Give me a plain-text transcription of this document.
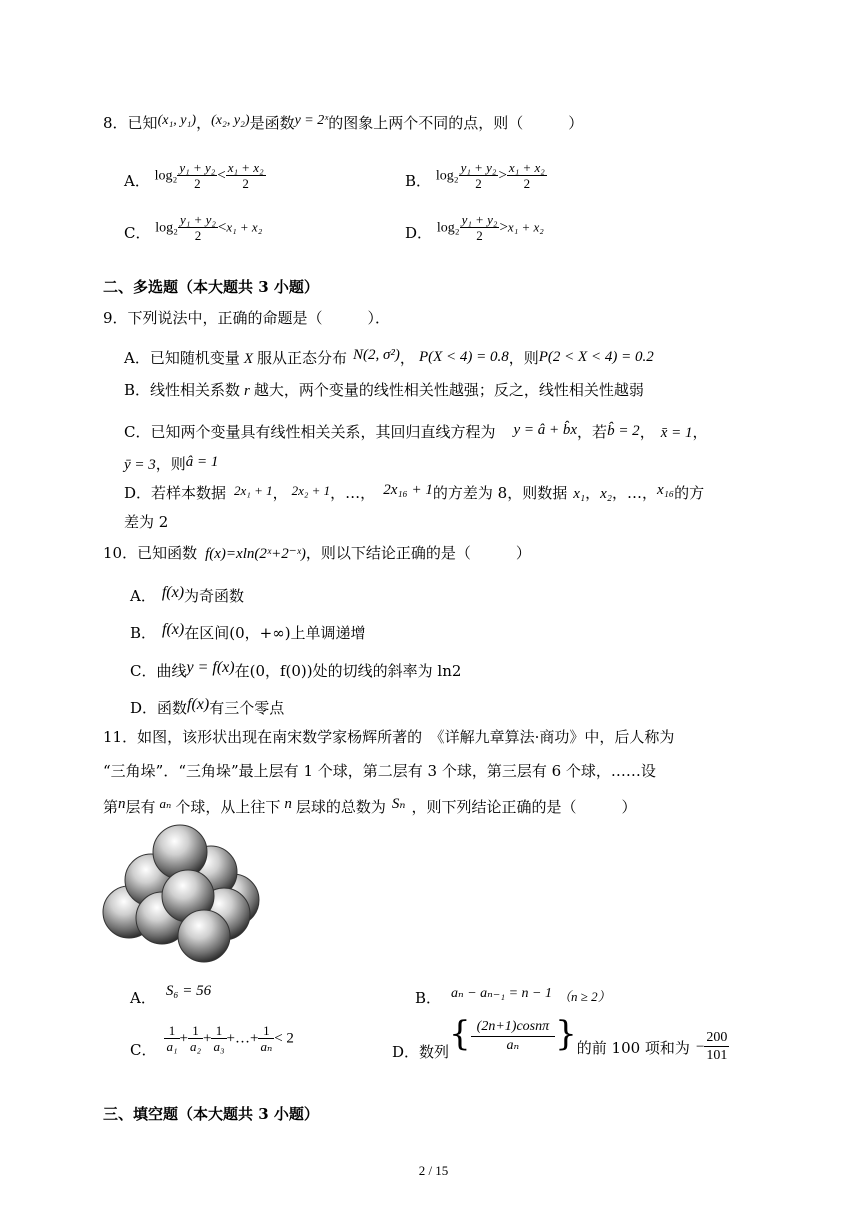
8．已知(x₁, y₁)，(x₂, y₂)是函数y = 2ˣ的图象上两个不同的点，则（　　　）
A． $\log_2 \frac{\text{y₁ + y₂}}{2} < \frac{\text{x₁ + x₂}}{2}$	B． $\log_2 \frac{\text{y₁ + y₂}}{2} > \frac{\text{x₁ + x₂}}{2}$
C． $\log_2 \frac{\text{y₁ + y₂}}{2} <x_1 + x_2$	D． $\log_2 \frac{\text{y₁ + y₂}}{2} >x_1 + x_2$
二、多选题（本大题共 3 小题）
9．下列说法中，正确的命题是（　　　）．
A．已知随机变量 X 服从正态分布 N(2, σ²)， P(X < 4) = 0.8，则P(2 < X < 4) = 0.2
B．线性相关系数 r 越大，两个变量的线性相关性越强；反之，线性相关性越弱
C．已知两个变量具有线性相关关系，其回归直线方程为 y = â + b̂x，若b̂ = 2， x̄ = 1，
ȳ = 3，则â = 1
D．若样本数据 2x₁ + 1， 2x₂ + 1，…， 2x₁₆ + 1的方差为 8，则数据 x₁，x₂，…，x₁₆的方
差为 2
10．已知函数 f(x)=xln(2ˣ+2⁻ˣ)，则以下结论正确的是（　　　）
A． f(x)为奇函数
B． f(x)在区间(0，+∞)上单调递增
C．曲线y = f(x)在(0，f(0))处的切线的斜率为 ln2
D．函数f(x)有三个零点
11．如图，该形状出现在南宋数学家杨辉所著的　《详解九章算法·商功》中，后人称为
“三角垛”．“三角垛”最上层有 1 个球，第二层有 3 个球，第三层有 6 个球，……设
第n层有 aₙ 个球，从上往下 n 层球的总数为 Sₙ ，则下列结论正确的是（　　　）
A． S₆ = 56	B． aₙ − aₙ₋₁ = n − 1 （n ≥ 2）
C． $\frac{1}{\text{a₁}} + \frac{1}{\text{a₂}} + \frac{1}{\text{a₃}}$ +…+ $\frac{1}{\text{aₙ}} < 2$
D．数列{ $\frac{(2n+1)\cos n\pi}{\text{aₙ}}$ }的前 100 项和为 − $\frac{200}{101}$
三、填空题（本大题共 3 小题）
2 / 15
